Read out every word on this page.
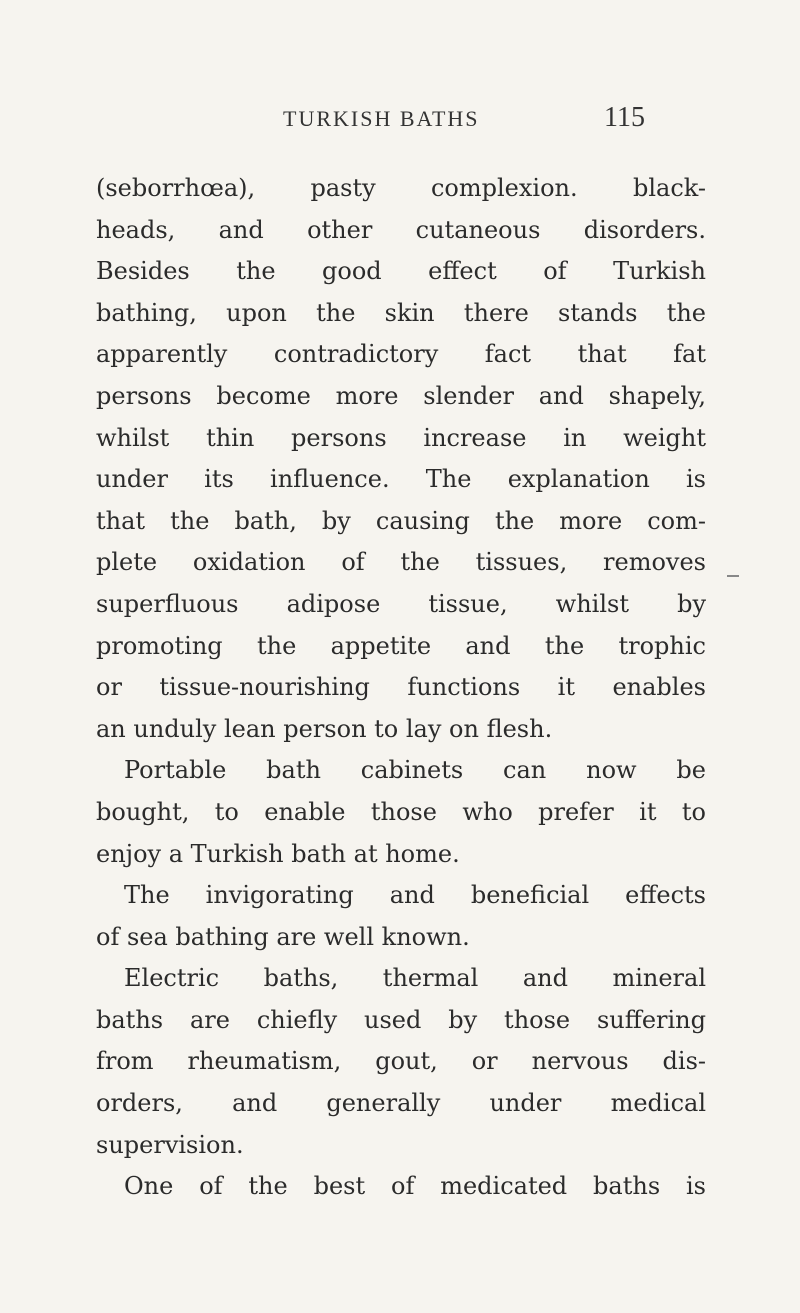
TURKISH BATHS	115
(seborrhœa), pasty complexion. black-
heads, and other cutaneous disorders.
Besides the good effect of Turkish
bathing, upon the skin there stands the
apparently contradictory fact that fat
persons become more slender and shapely,
whilst thin persons increase in weight
under its influence. The explanation is
that the bath, by causing the more com-
plete oxidation of the tissues, removes
superfluous adipose tissue, whilst by
promoting the appetite and the trophic
or tissue-nourishing functions it enables
an unduly lean person to lay on flesh.
Portable bath cabinets can now be
bought, to enable those who prefer it to
enjoy a Turkish bath at home.
The invigorating and beneficial effects
of sea bathing are well known.
Electric baths, thermal and mineral
baths are chiefly used by those suffering
from rheumatism, gout, or nervous dis-
orders, and generally under medical
supervision.
One of the best of medicated baths is
